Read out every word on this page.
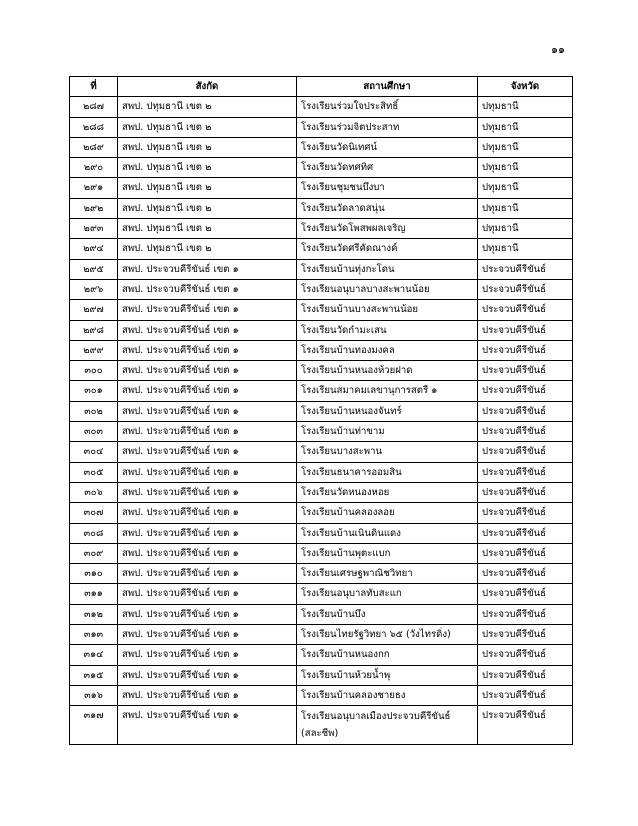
๑๑
ที่	สังกัด	สถานศึกษา	จังหวัด
๒๘๗	สพป. ปทุมธานี เขต ๒	โรงเรียนร่วมใจประสิทธิ์	ปทุมธานี
๒๘๘	สพป. ปทุมธานี เขต ๒	โรงเรียนร่วมจิตประสาท	ปทุมธานี
๒๘๙	สพป. ปทุมธานี เขต ๒	โรงเรียนวัดนิเทศน์	ปทุมธานี
๒๙๐	สพป. ปทุมธานี เขต ๒	โรงเรียนวัดทศทิศ	ปทุมธานี
๒๙๑	สพป. ปทุมธานี เขต ๒	โรงเรียนชุมชนบึงบา	ปทุมธานี
๒๙๒	สพป. ปทุมธานี เขต ๒	โรงเรียนวัดลาดสนุ่น	ปทุมธานี
๒๙๓	สพป. ปทุมธานี เขต ๒	โรงเรียนวัดโพสพผลเจริญ	ปทุมธานี
๒๙๔	สพป. ปทุมธานี เขต ๒	โรงเรียนวัดศรีคัดณางค์	ปทุมธานี
๒๙๕	สพป. ประจวบคีรีขันธ์ เขต ๑	โรงเรียนบ้านทุ่งกะโดน	ประจวบคีรีขันธ์
๒๙๖	สพป. ประจวบคีรีขันธ์ เขต ๑	โรงเรียนอนุบาลบางสะพานน้อย	ประจวบคีรีขันธ์
๒๙๗	สพป. ประจวบคีรีขันธ์ เขต ๑	โรงเรียนบ้านบางสะพานน้อย	ประจวบคีรีขันธ์
๒๙๘	สพป. ประจวบคีรีขันธ์ เขต ๑	โรงเรียนวัดกำมะเสน	ประจวบคีรีขันธ์
๒๙๙	สพป. ประจวบคีรีขันธ์ เขต ๑	โรงเรียนบ้านทองมงคล	ประจวบคีรีขันธ์
๓๐๐	สพป. ประจวบคีรีขันธ์ เขต ๑	โรงเรียนบ้านหนองห้วยฝาด	ประจวบคีรีขันธ์
๓๐๑	สพป. ประจวบคีรีขันธ์ เขต ๑	โรงเรียนสมาคมเลขานุการสตรี ๑	ประจวบคีรีขันธ์
๓๐๒	สพป. ประจวบคีรีขันธ์ เขต ๑	โรงเรียนบ้านหนองจันทร์	ประจวบคีรีขันธ์
๓๐๓	สพป. ประจวบคีรีขันธ์ เขต ๑	โรงเรียนบ้านท่าขาม	ประจวบคีรีขันธ์
๓๐๔	สพป. ประจวบคีรีขันธ์ เขต ๑	โรงเรียนบางสะพาน	ประจวบคีรีขันธ์
๓๐๕	สพป. ประจวบคีรีขันธ์ เขต ๑	โรงเรียนธนาคารออมสิน	ประจวบคีรีขันธ์
๓๐๖	สพป. ประจวบคีรีขันธ์ เขต ๑	โรงเรียนวัดหนองหอย	ประจวบคีรีขันธ์
๓๐๗	สพป. ประจวบคีรีขันธ์ เขต ๑	โรงเรียนบ้านคลองลอย	ประจวบคีรีขันธ์
๓๐๘	สพป. ประจวบคีรีขันธ์ เขต ๑	โรงเรียนบ้านเนินดินแดง	ประจวบคีรีขันธ์
๓๐๙	สพป. ประจวบคีรีขันธ์ เขต ๑	โรงเรียนบ้านพุตะแบก	ประจวบคีรีขันธ์
๓๑๐	สพป. ประจวบคีรีขันธ์ เขต ๑	โรงเรียนเศรษฐพาณิชวิทยา	ประจวบคีรีขันธ์
๓๑๑	สพป. ประจวบคีรีขันธ์ เขต ๑	โรงเรียนอนุบาลทับสะแก	ประจวบคีรีขันธ์
๓๑๒	สพป. ประจวบคีรีขันธ์ เขต ๑	โรงเรียนบ้านบึง	ประจวบคีรีขันธ์
๓๑๓	สพป. ประจวบคีรีขันธ์ เขต ๑	โรงเรียนไทยรัฐวิทยา ๖๕ (วังไทรดิ่ง)	ประจวบคีรีขันธ์
๓๑๔	สพป. ประจวบคีรีขันธ์ เขต ๑	โรงเรียนบ้านหนองกก	ประจวบคีรีขันธ์
๓๑๕	สพป. ประจวบคีรีขันธ์ เขต ๑	โรงเรียนบ้านห้วยน้ำพุ	ประจวบคีรีขันธ์
๓๑๖	สพป. ประจวบคีรีขันธ์ เขต ๑	โรงเรียนบ้านคลองชายธง	ประจวบคีรีขันธ์
๓๑๗	สพป. ประจวบคีรีขันธ์ เขต ๑	โรงเรียนอนุบาลเมืองประจวบคีรีขันธ์ (สละชีพ)	ประจวบคีรีขันธ์
